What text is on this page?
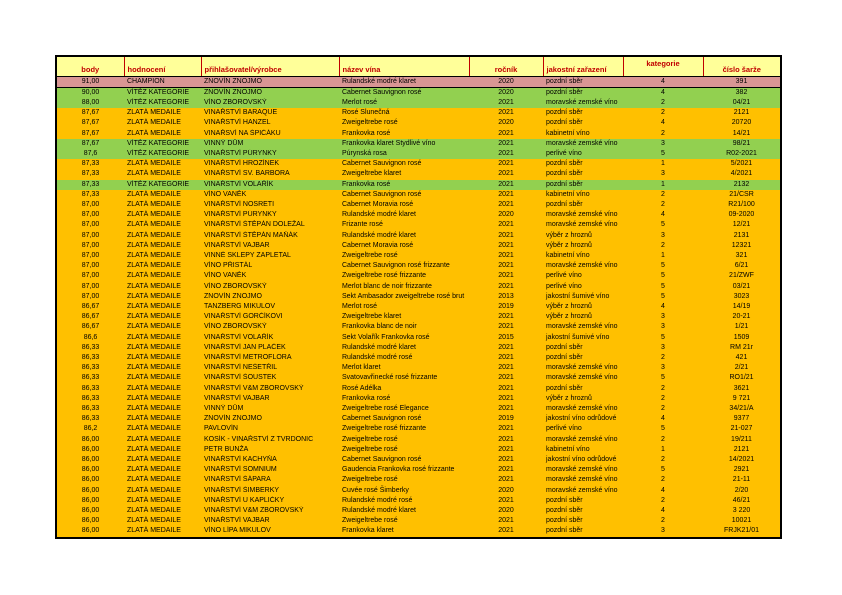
body	hodnocení	přihlašovatel/výrobce	název vína	ročník	jakostní zařazení	kategorie	číslo šarže
91,00	CHAMPION	ZNOVÍN ZNOJMO	Rulandské modré klaret	2020	pozdní sběr	4	391
90,00	VÍTĚZ KATEGORIE	ZNOVÍN ZNOJMO	Cabernet Sauvignon rosé	2020	pozdní sběr	4	382
88,00	VÍTĚZ KATEGORIE	VÍNO ZBOROVSKÝ	Merlot rosé	2021	moravské zemské víno	2	04/21
87,67	ZLATÁ MEDAILE	VINAŘSTVÍ BARAQUE	Rosé Slunečná	2021	pozdní sběr	2	2121
87,67	ZLATÁ MEDAILE	VINAŘSTVÍ HANZEL	Zweigeltrebe rosé	2020	pozdní sběr	4	20720
87,67	ZLATÁ MEDAILE	VINAŘSVÍ NA ŠPIČÁKU	Frankovka rosé	2021	kabinetní víno	2	14/21
87,67	VÍTĚZ KATEGORIE	VINNÝ DŮM	Frankovka klaret Stydlivé víno	2021	moravské zemské víno	3	98/21
87,6	VÍTĚZ KATEGORIE	VINAŘSTVÍ PÚRYNKY	Púrynská rosa	2021	perlivé víno	5	R02-2021
87,33	ZLATÁ MEDAILE	VINAŘSTVÍ HROZÍNEK	Cabernet Sauvignon rosé	2021	pozdní sběr	1	5/2021
87,33	ZLATÁ MEDAILE	VINAŘSTVÍ SV. BARBORA	Zweigeltrebe klaret	2021	pozdní sběr	3	4/2021
87,33	VÍTĚZ KATEGORIE	VINAŘSTVÍ VOLAŘÍK	Frankovka rosé	2021	pozdní sběr	1	2132
87,33	ZLATÁ MEDAILE	VÍNO VANĚK	Cabernet Sauvignon rosé	2021	kabinetní víno	2	21/CSR
87,00	ZLATÁ MEDAILE	VINAŘSTVÍ NOSRETI	Cabernet Moravia rosé	2021	pozdní sběr	2	R21/100
87,00	ZLATÁ MEDAILE	VINAŘSTVÍ PÚRYNKY	Rulandské modré klaret	2020	moravské zemské víno	4	09-2020
87,00	ZLATÁ MEDAILE	VINAŘSTVÍ ŠTĚPÁN DOLEŽAL	Frizante rosé	2021	moravské zemské víno	5	12/21
87,00	ZLATÁ MEDAILE	VINAŘSTVÍ ŠTĚPÁN MAŇÁK	Rulandské modré klaret	2021	výběr z hroznů	3	2131
87,00	ZLATÁ MEDAILE	VINAŘSTVÍ VAJBAR	Cabernet Moravia rosé	2021	výběr z hroznů	2	12321
87,00	ZLATÁ MEDAILE	VINNÉ SKLEPY ZAPLETAL	Zweigeltrebe rosé	2021	kabinetní víno	1	321
87,00	ZLATÁ MEDAILE	VÍNO PŘISTÁL	Cabernet Sauvignon rosé frizzante	2021	moravské zemské víno	5	6/21
87,00	ZLATÁ MEDAILE	VÍNO VANĚK	Zweigeltrebe rosé frizzante	2021	perlivé víno	5	21/ZWF
87,00	ZLATÁ MEDAILE	VÍNO ZBOROVSKÝ	Merlot blanc de noir frizzante	2021	perlivé víno	5	03/21
87,00	ZLATÁ MEDAILE	ZNOVÍN ZNOJMO	Sekt Ambasador zweigeltrebe rosé brut	2013	jakostní šumivé víno	5	3023
86,67	ZLATÁ MEDAILE	TANZBERG MIKULOV	Merlot rosé	2019	výběr z hroznů	4	14/19
86,67	ZLATÁ MEDAILE	VINAŘSTVÍ GORČÍKOVI	Zweigeltrebe klaret	2021	výběr z hroznů	3	20-21
86,67	ZLATÁ MEDAILE	VÍNO ZBOROVSKÝ	Frankovka blanc de noir	2021	moravské zemské víno	3	1/21
86,6	ZLATÁ MEDAILE	VINAŘSTVÍ VOLAŘÍK	Sekt Volařík Frankovka rosé	2015	jakostní šumivé víno	5	1509
86,33	ZLATÁ MEDAILE	VINAŘSTVÍ JAN PLAČEK	Rulandské modré klaret	2021	pozdní sběr	3	RM 21r
86,33	ZLATÁ MEDAILE	VINAŘSTVÍ METROFLORA	Rulandské modré rosé	2021	pozdní sběr	2	421
86,33	ZLATÁ MEDAILE	VINAŘSTVÍ NEŠETŘIL	Merlot klaret	2021	moravské zemské víno	3	2/21
86,33	ZLATÁ MEDAILE	VINAŘSTVÍ ŠOUSTEK	Svatovavřinecké rosé frizzante	2021	moravské zemské víno	5	RO1/21
86,33	ZLATÁ MEDAILE	VINAŘSTVÍ V&M ZBOROVSKÝ	Rosé Adélka	2021	pozdní sběr	2	3621
86,33	ZLATÁ MEDAILE	VINAŘSTVÍ VAJBAR	Frankovka rosé	2021	výběr z hroznů	2	9 721
86,33	ZLATÁ MEDAILE	VINNÝ DŮM	Zweigeltrebe rosé Elegance	2021	moravské zemské víno	2	34/21/A
86,33	ZLATÁ MEDAILE	ZNOVÍN ZNOJMO	Cabernet Sauvignon rosé	2019	jakostní víno odrůdové	4	9377
86,2	ZLATÁ MEDAILE	PAVLOVÍN	Zweigeltrebe rosé frizzante	2021	perlivé víno	5	21-027
86,00	ZLATÁ MEDAILE	KOSÍK - VINAŘSTVÍ Z TVRDONIC	Zweigeltrebe rosé	2021	moravské zemské víno	2	19/211
86,00	ZLATÁ MEDAILE	PETR BUNŽA	Zweigeltrebe rosé	2021	kabinetní víno	1	2121
86,00	ZLATÁ MEDAILE	VINAŘSTVÍ KACHYŇA	Cabernet Sauvignon rosé	2021	jakostní víno odrůdové	2	14/2021
86,00	ZLATÁ MEDAILE	VINAŘSTVÍ SOMNIUM	Gaudencia Frankovka rosé frizzante	2021	moravské zemské víno	5	2921
86,00	ZLATÁ MEDAILE	VINAŘSTVÍ ŠÁPARA	Zweigeltrebe rosé	2021	moravské zemské víno	2	21-11
86,00	ZLATÁ MEDAILE	VINAŘSTVÍ ŠIMBERKY	Cuvée rosé Šimberky	2020	moravské zemské víno	4	2/20
86,00	ZLATÁ MEDAILE	VINAŘSTVÍ U KAPLIČKY	Rulandské modré rosé	2021	pozdní sběr	2	46/21
86,00	ZLATÁ MEDAILE	VINAŘSTVÍ V&M ZBOROVSKÝ	Rulandské modré klaret	2020	pozdní sběr	4	3 220
86,00	ZLATÁ MEDAILE	VINAŘSTVÍ VAJBAR	Zweigeltrebe rosé	2021	pozdní sběr	2	10021
86,00	ZLATÁ MEDAILE	VÍNO LÍPA MIKULOV	Frankovka klaret	2021	pozdní sběr	3	FRJK21/01
